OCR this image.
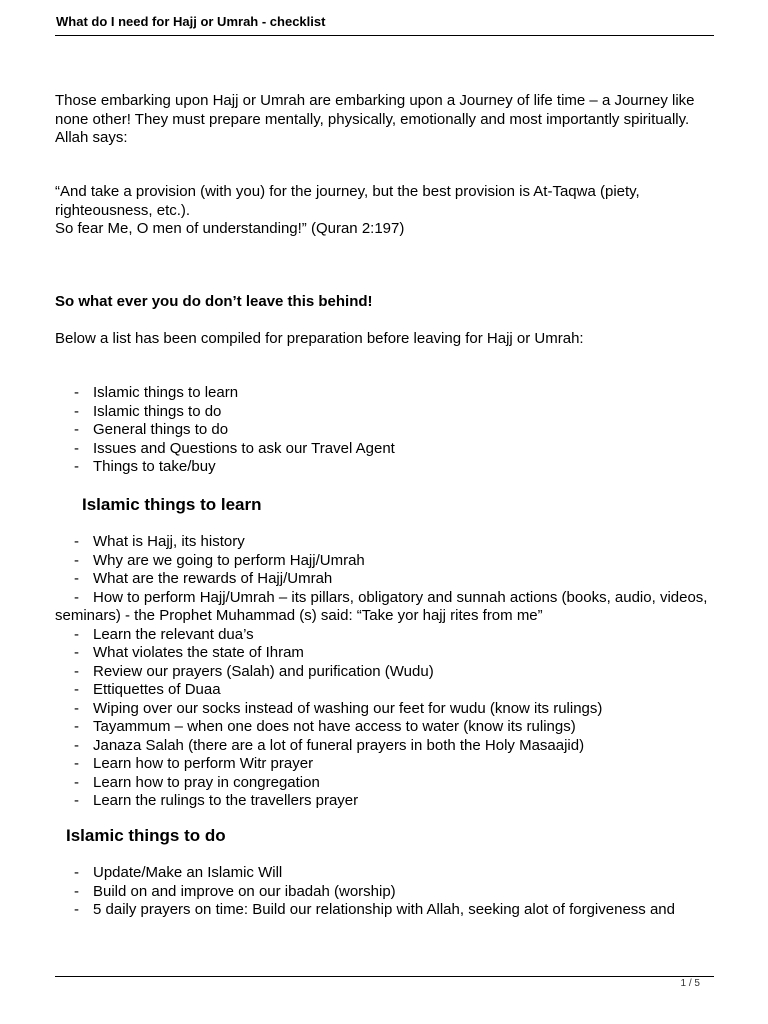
What do I need for Hajj or Umrah - checklist

Those embarking upon Hajj or Umrah are embarking upon a Journey of life time – a Journey like none other! They must prepare mentally, physically, emotionally and most importantly spiritually. Allah says:

“And take a provision (with you) for the journey, but the best provision is At-Taqwa (piety, righteousness, etc.).

So fear Me, O men of understanding!” (Quran 2:197)

So what ever you do don’t leave this behind!

Below a list has been compiled for preparation before leaving for Hajj or Umrah:

- Islamic things to learn
- Islamic things to do
- General things to do
- Issues and Questions to ask our Travel Agent
- Things to take/buy
Islamic things to learn
- What is Hajj, its history
- Why are we going to perform Hajj/Umrah
- What are the rewards of Hajj/Umrah
- How to perform Hajj/Umrah – its pillars, obligatory and sunnah actions (books, audio, videos, seminars) - the Prophet Muhammad (s) said: “Take yor hajj rites from me”
- Learn the relevant dua’s
- What violates the state of Ihram
- Review our prayers (Salah) and purification (Wudu)
- Ettiquettes of Duaa
- Wiping over our socks instead of washing our feet for wudu (know its rulings)
- Tayammum – when one does not have access to water (know its rulings)
- Janaza Salah (there are a lot of funeral prayers in both the Holy Masaajid)
- Learn how to perform Witr prayer
- Learn how to pray in congregation
- Learn the rulings to the travellers prayer
Islamic things to do
- Update/Make an Islamic Will
- Build on and improve on our ibadah (worship)
- 5 daily prayers on time: Build our relationship with Allah, seeking alot of forgiveness and
1 / 5
